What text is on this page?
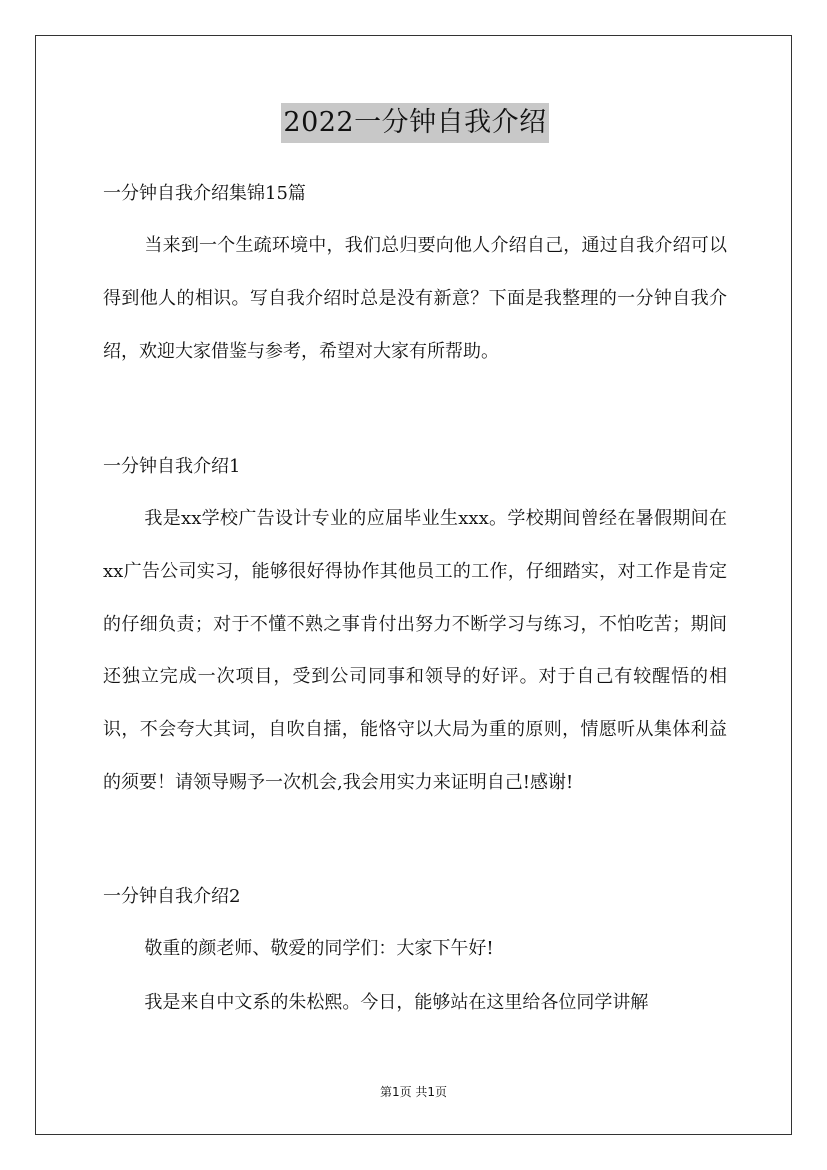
2022一分钟自我介绍
一分钟自我介绍集锦15篇
当来到一个生疏环境中，我们总归要向他人介绍自己，通过自我介绍可以得到他人的相识。写自我介绍时总是没有新意？下面是我整理的一分钟自我介绍，欢迎大家借鉴与参考，希望对大家有所帮助。
一分钟自我介绍1
我是xx学校广告设计专业的应届毕业生xxx。学校期间曾经在暑假期间在xx广告公司实习，能够很好得协作其他员工的工作，仔细踏实，对工作是肯定的仔细负责；对于不懂不熟之事肯付出努力不断学习与练习，不怕吃苦；期间还独立完成一次项目，受到公司同事和领导的好评。对于自己有较醒悟的相识，不会夸大其词，自吹自擂，能恪守以大局为重的原则，情愿听从集体利益的须要！请领导赐予一次机会,我会用实力来证明自己!感谢!
一分钟自我介绍2
敬重的颜老师、敬爱的同学们：大家下午好!
我是来自中文系的朱松熙。今日，能够站在这里给各位同学讲解
第1页 共1页
